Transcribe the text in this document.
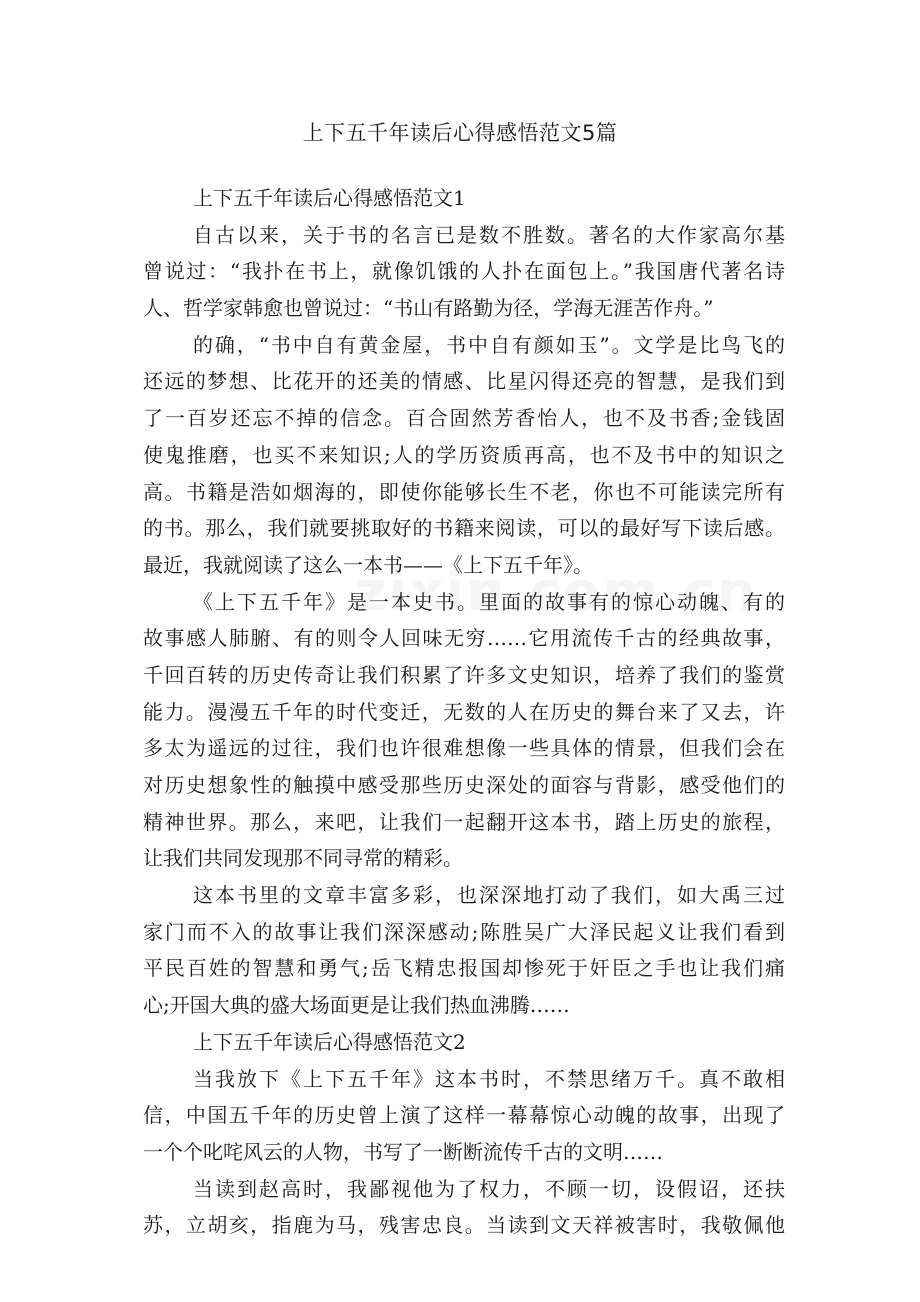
上下五千年读后心得感悟范文5篇
上下五千年读后心得感悟范文1
自古以来，关于书的名言已是数不胜数。著名的大作家高尔基
曾说过：“我扑在书上，就像饥饿的人扑在面包上。”我国唐代著名诗
人、哲学家韩愈也曾说过：“书山有路勤为径，学海无涯苦作舟。”
的确，“书中自有黄金屋，书中自有颜如玉”。文学是比鸟飞的
还远的梦想、比花开的还美的情感、比星闪得还亮的智慧，是我们到
了一百岁还忘不掉的信念。百合固然芳香怡人，也不及书香;金钱固
使鬼推磨，也买不来知识;人的学历资质再高，也不及书中的知识之
高。书籍是浩如烟海的，即使你能够长生不老，你也不可能读完所有
的书。那么，我们就要挑取好的书籍来阅读，可以的最好写下读后感。
最近，我就阅读了这么一本书——《上下五千年》。
《上下五千年》是一本史书。里面的故事有的惊心动魄、有的
故事感人肺腑、有的则令人回味无穷……它用流传千古的经典故事，
千回百转的历史传奇让我们积累了许多文史知识，培养了我们的鉴赏
能力。漫漫五千年的时代变迁，无数的人在历史的舞台来了又去，许
多太为遥远的过往，我们也许很难想像一些具体的情景，但我们会在
对历史想象性的触摸中感受那些历史深处的面容与背影，感受他们的
精神世界。那么，来吧，让我们一起翻开这本书，踏上历史的旅程，
让我们共同发现那不同寻常的精彩。
这本书里的文章丰富多彩，也深深地打动了我们，如大禹三过
家门而不入的故事让我们深深感动;陈胜吴广大泽民起义让我们看到
平民百姓的智慧和勇气;岳飞精忠报国却惨死于奸臣之手也让我们痛
心;开国大典的盛大场面更是让我们热血沸腾……
上下五千年读后心得感悟范文2
当我放下《上下五千年》这本书时，不禁思绪万千。真不敢相
信，中国五千年的历史曾上演了这样一幕幕惊心动魄的故事，出现了
一个个叱咤风云的人物，书写了一断断流传千古的文明……
当读到赵高时，我鄙视他为了权力，不顾一切，设假诏，还扶
苏，立胡亥，指鹿为马，残害忠良。当读到文天祥被害时，我敬佩他
